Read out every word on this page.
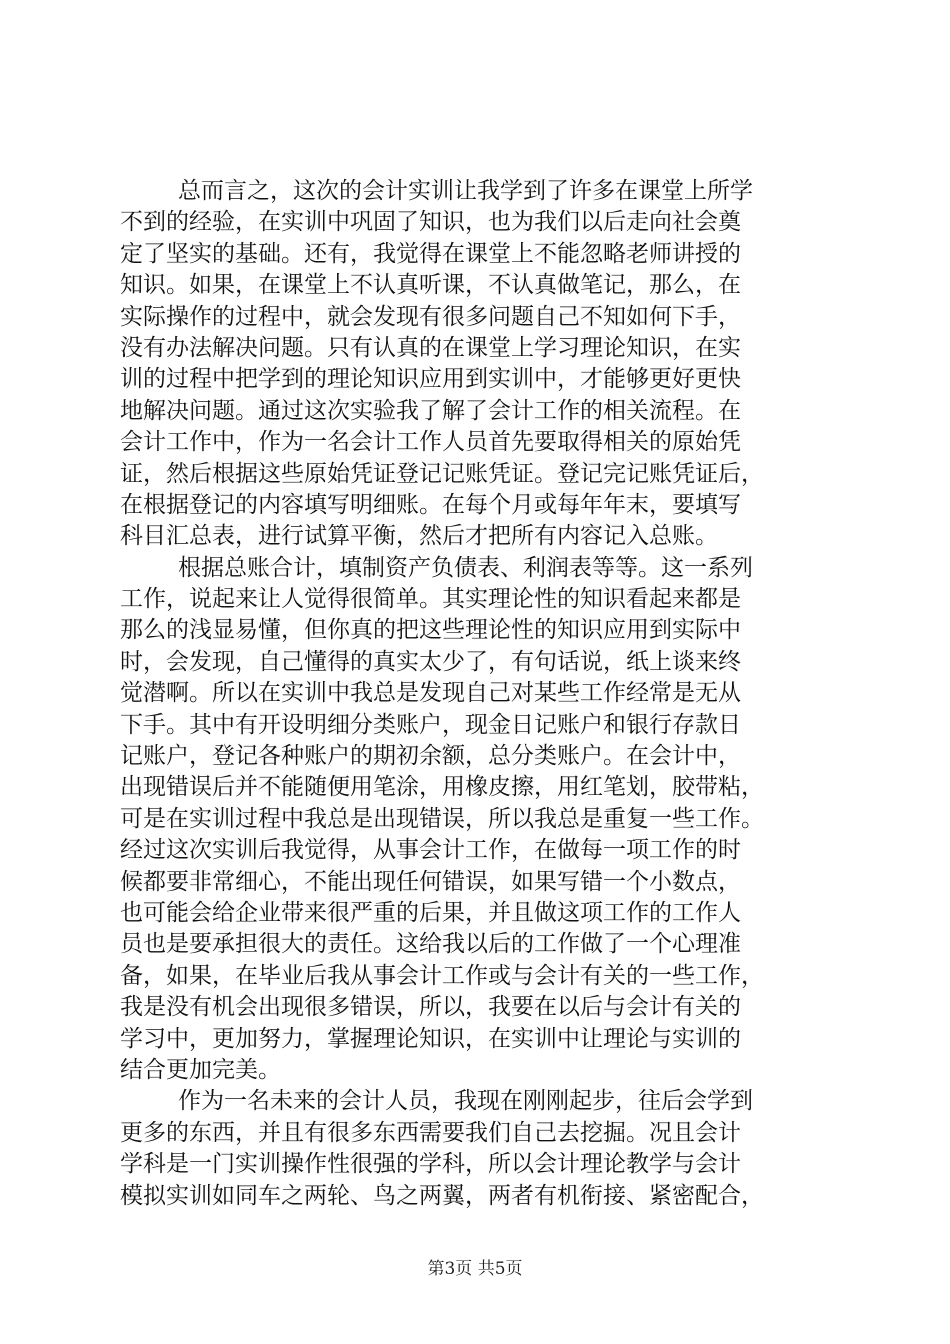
总而言之，这次的会计实训让我学到了许多在课堂上所学
不到的经验，在实训中巩固了知识，也为我们以后走向社会奠
定了坚实的基础。还有，我觉得在课堂上不能忽略老师讲授的
知识。如果，在课堂上不认真听课，不认真做笔记，那么，在
实际操作的过程中，就会发现有很多问题自己不知如何下手，
没有办法解决问题。只有认真的在课堂上学习理论知识，在实
训的过程中把学到的理论知识应用到实训中，才能够更好更快
地解决问题。通过这次实验我了解了会计工作的相关流程。在
会计工作中，作为一名会计工作人员首先要取得相关的原始凭
证，然后根据这些原始凭证登记记账凭证。登记完记账凭证后，
在根据登记的内容填写明细账。在每个月或每年年末，要填写
科目汇总表，进行试算平衡，然后才把所有内容记入总账。
根据总账合计，填制资产负债表、利润表等等。这一系列
工作，说起来让人觉得很简单。其实理论性的知识看起来都是
那么的浅显易懂，但你真的把这些理论性的知识应用到实际中
时，会发现，自己懂得的真实太少了，有句话说，纸上谈来终
觉潜啊。所以在实训中我总是发现自己对某些工作经常是无从
下手。其中有开设明细分类账户，现金日记账户和银行存款日
记账户，登记各种账户的期初余额，总分类账户。在会计中，
出现错误后并不能随便用笔涂，用橡皮擦，用红笔划，胶带粘，
可是在实训过程中我总是出现错误，所以我总是重复一些工作。
经过这次实训后我觉得，从事会计工作，在做每一项工作的时
候都要非常细心，不能出现任何错误，如果写错一个小数点，
也可能会给企业带来很严重的后果，并且做这项工作的工作人
员也是要承担很大的责任。这给我以后的工作做了一个心理准
备，如果，在毕业后我从事会计工作或与会计有关的一些工作，
我是没有机会出现很多错误，所以，我要在以后与会计有关的
学习中，更加努力，掌握理论知识，在实训中让理论与实训的
结合更加完美。
作为一名未来的会计人员，我现在刚刚起步，往后会学到
更多的东西，并且有很多东西需要我们自己去挖掘。况且会计
学科是一门实训操作性很强的学科，所以会计理论教学与会计
模拟实训如同车之两轮、鸟之两翼，两者有机衔接、紧密配合，
第3页 共5页
